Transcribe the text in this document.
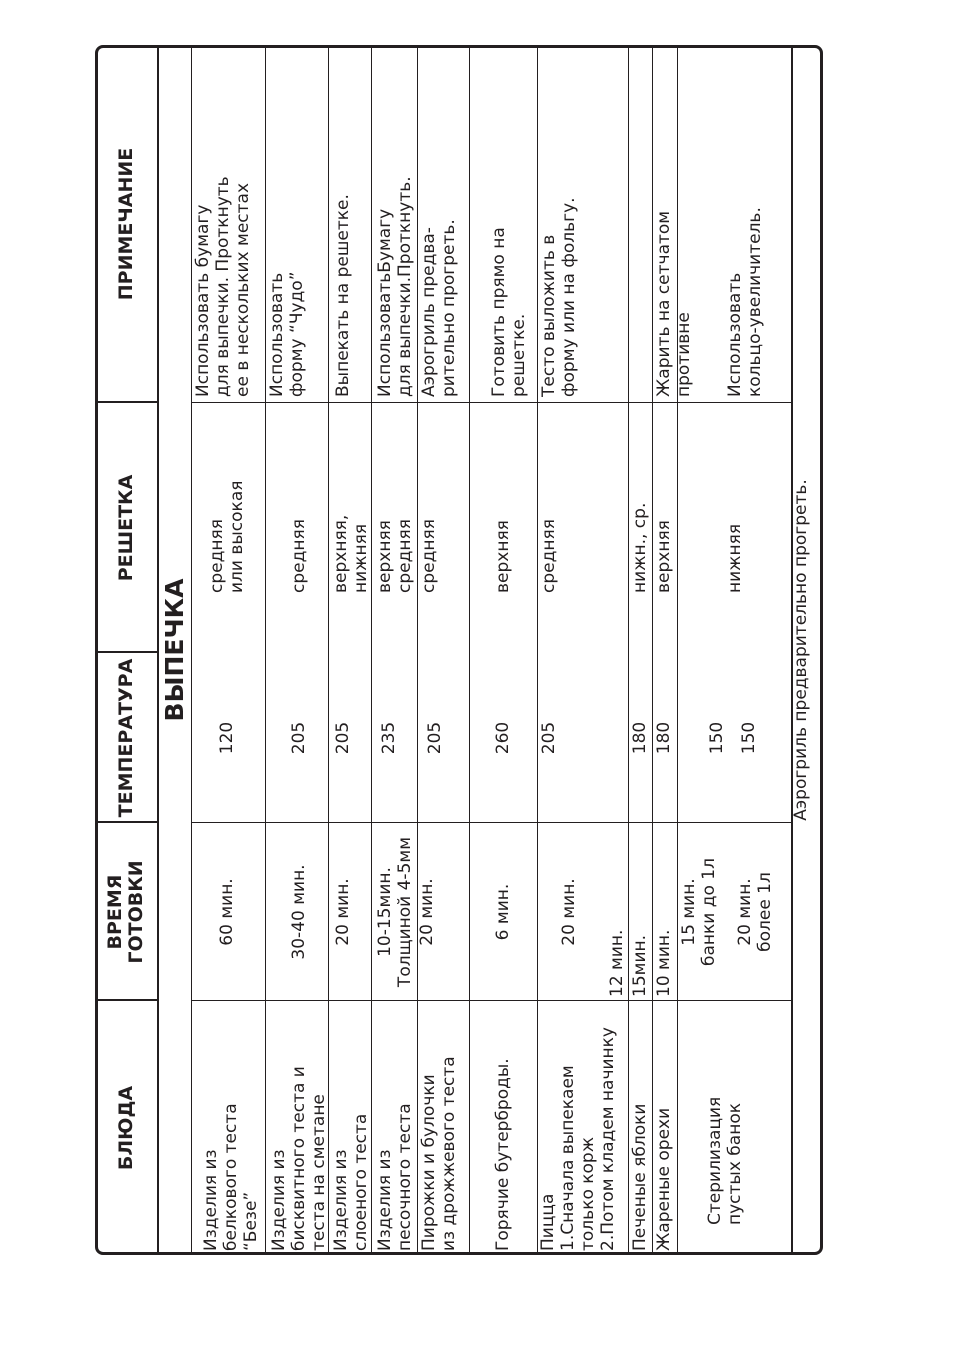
БЛЮДА
ВРЕМЯ
ГОТОВКИ
ТЕМПЕРАТУРА
РЕШЕТКА
ПРИМЕЧАНИЕ
ВЫПЕЧКА
Изделия из
белкового теста
“Безе”
60 мин.
120
средняя
или высокая
Использовать бумагу
для выпечки. Проткнуть
ее в нескольких местах
Изделия из
бисквитного теста и
теста на сметане
30-40 мин.
205
средняя
Использовать
форму “Чудо”
Изделия из
слоеного теста
20 мин.
205
верхняя,
нижняя
Выпекать на решетке.
Изделия из
песочного теста
10-15мин.
Толщиной 4-5мм
235
верхняя
средняя
ИспользоватьБумагу
для выпечки.Проткнуть.
Пирожки и булочки
из дрожжевого теста
20 мин.
205
средняя
Аэрогриль предва-
рительно прогреть.
Горячие бутерброды.
6 мин.
260
верхняя
Готовить прямо на
решетке.
Пицца
1.Сначала выпекаем
только корж
2.Потом кладем начинку
20 мин.
12 мин.
205
средняя
Тесто выложить в
форму или на фольгу.
Печеные яблоки
15мин.
180
нижн., ср.
Жареные орехи
10 мин.
180
верхняя
Жарить на сетчатом
противне
Стерилизация
пустых банок
15 мин.
банки до 1л
20 мин.
более 1л
150 150
нижняя
Использовать
кольцо-увеличитель.
Аэрогриль предварительно прогреть.
